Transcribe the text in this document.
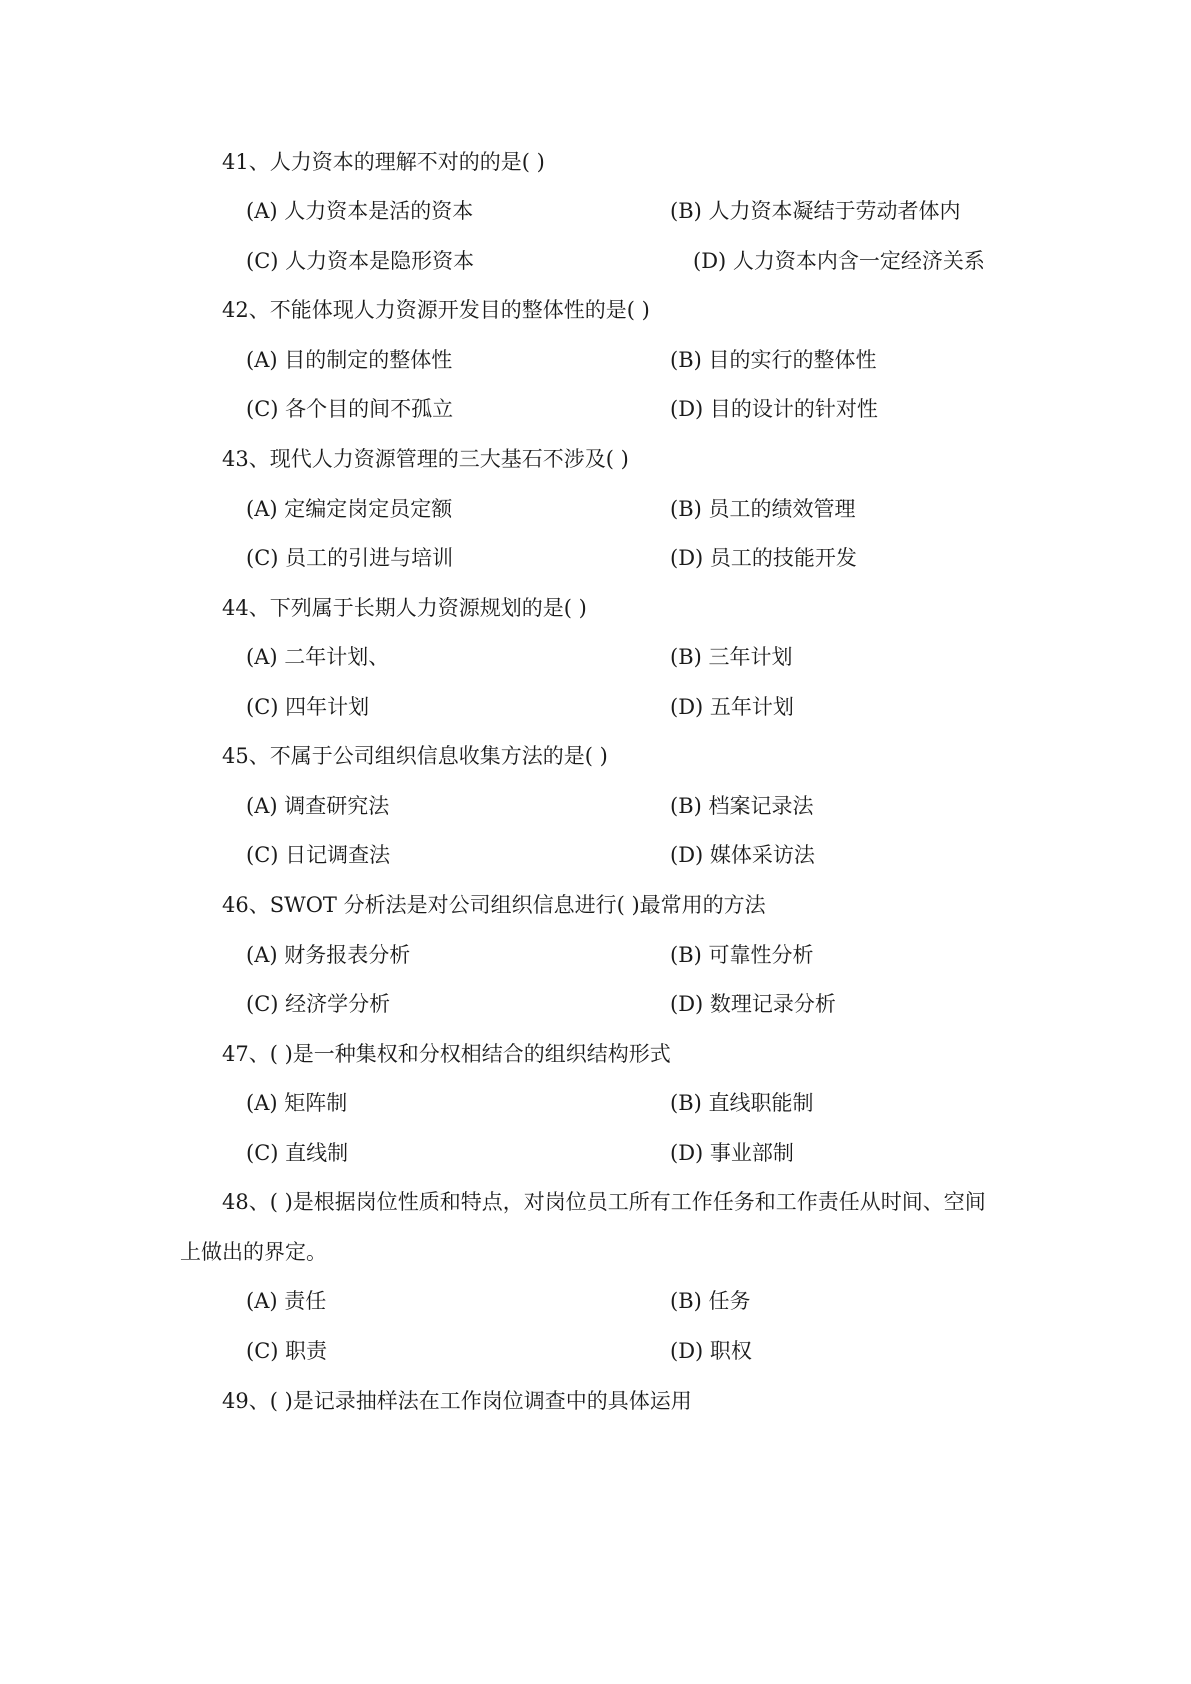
41、人力资本的理解不对的的是( )
(A) 人力资本是活的资本	(B) 人力资本凝结于劳动者体内
(C) 人力资本是隐形资本	(D) 人力资本内含一定经济关系
42、不能体现人力资源开发目的整体性的是( )
(A) 目的制定的整体性	(B) 目的实行的整体性
(C) 各个目的间不孤立	(D) 目的设计的针对性
43、现代人力资源管理的三大基石不涉及( )
(A) 定编定岗定员定额	(B) 员工的绩效管理
(C) 员工的引进与培训	(D) 员工的技能开发
44、下列属于长期人力资源规划的是( )
(A) 二年计划、	(B) 三年计划
(C) 四年计划	(D) 五年计划
45、不属于公司组织信息收集方法的是( )
(A) 调查研究法	(B) 档案记录法
(C) 日记调查法	(D) 媒体采访法
46、SWOT 分析法是对公司组织信息进行( )最常用的方法
(A) 财务报表分析	(B) 可靠性分析
(C) 经济学分析	(D) 数理记录分析
47、( )是一种集权和分权相结合的组织结构形式
(A) 矩阵制	(B) 直线职能制
(C) 直线制	(D) 事业部制
48、( )是根据岗位性质和特点，对岗位员工所有工作任务和工作责任从时间、空间
上做出的界定。
(A) 责任	(B) 任务
(C) 职责	(D) 职权
49、( )是记录抽样法在工作岗位调查中的具体运用
